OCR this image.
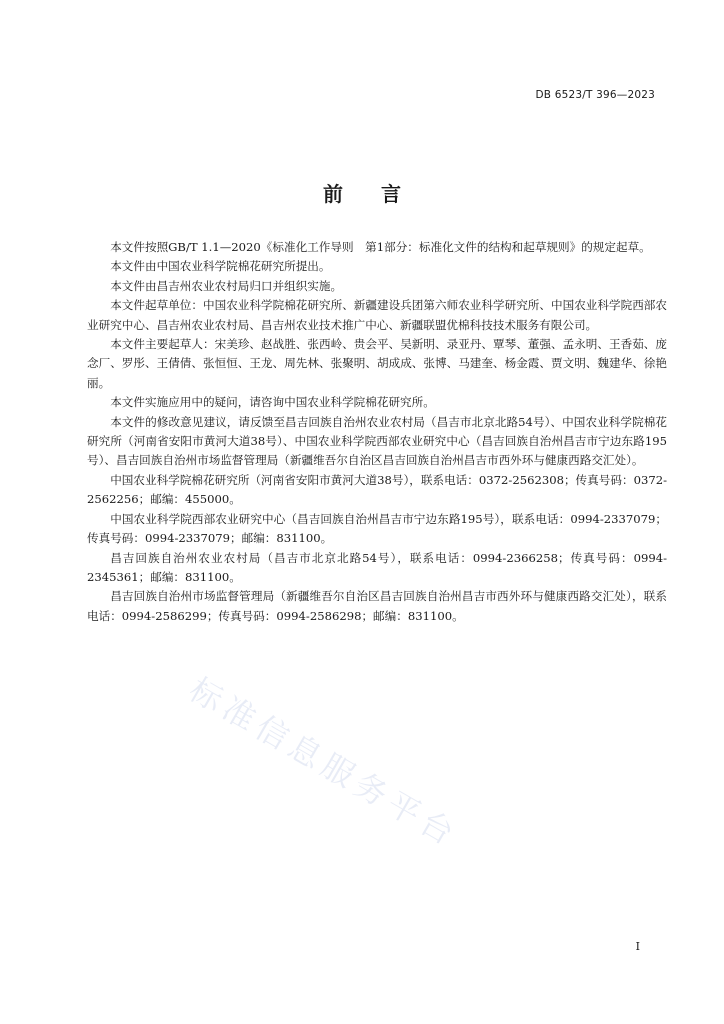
DB 6523/T 396—2023
前 言

本文件按照GB/T 1.1—2020《标准化工作导则　第1部分：标准化文件的结构和起草规则》的规定起草。

本文件由中国农业科学院棉花研究所提出。

本文件由昌吉州农业农村局归口并组织实施。

本文件起草单位：中国农业科学院棉花研究所、新疆建设兵团第六师农业科学研究所、中国农业科学院西部农业研究中心、昌吉州农业农村局、昌吉州农业技术推广中心、新疆联盟优棉科技技术服务有限公司。

本文件主要起草人：宋美珍、赵战胜、张西岭、贵会平、吴新明、录亚丹、覃琴、董强、孟永明、王香茹、庞念厂、罗彤、王倩倩、张恒恒、王龙、周先林、张聚明、胡成成、张博、马建奎、杨金霞、贾文明、魏建华、徐艳丽。

本文件实施应用中的疑问，请咨询中国农业科学院棉花研究所。

本文件的修改意见建议，请反馈至昌吉回族自治州农业农村局（昌吉市北京北路54号）、中国农业科学院棉花研究所（河南省安阳市黄河大道38号）、中国农业科学院西部农业研究中心（昌吉回族自治州昌吉市宁边东路195号）、昌吉回族自治州市场监督管理局（新疆维吾尔自治区昌吉回族自治州昌吉市西外环与健康西路交汇处）。

中国农业科学院棉花研究所（河南省安阳市黄河大道38号），联系电话：0372-2562308；传真号码：0372-2562256；邮编：455000。

中国农业科学院西部农业研究中心（昌吉回族自治州昌吉市宁边东路195号），联系电话：0994-2337079；传真号码：0994-2337079；邮编：831100。

昌吉回族自治州农业农村局（昌吉市北京北路54号），联系电话：0994-2366258；传真号码：0994-2345361；邮编：831100。

昌吉回族自治州市场监督管理局（新疆维吾尔自治区昌吉回族自治州昌吉市西外环与健康西路交汇处），联系电话：0994-2586299；传真号码：0994-2586298；邮编：831100。

标准信息服务平台
I
